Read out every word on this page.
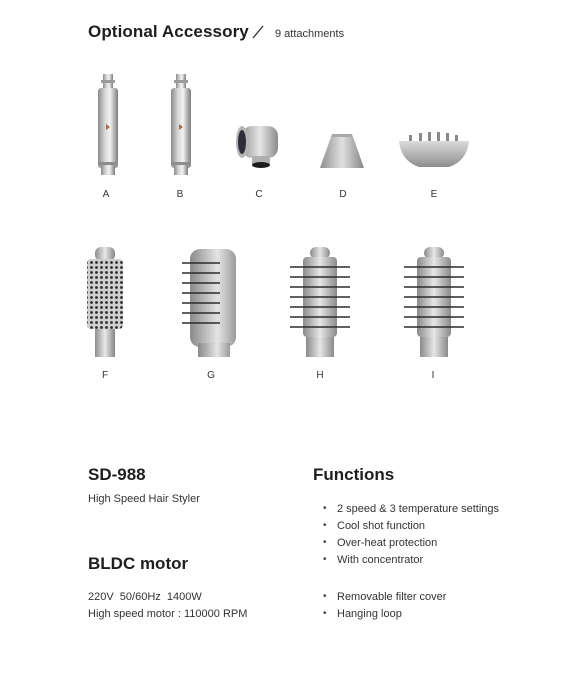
Optional Accessory 9 attachments
A	B	C	D	E
F	G	H	I
SD-988
High Speed Hair Styler
BLDC motor
220V  50/60Hz  1400W
High speed motor : 110000 RPM
Functions
• 2 speed & 3 temperature settings
• Cool shot function
• Over-heat protection
• With concentrator
• Removable filter cover
• Hanging loop
